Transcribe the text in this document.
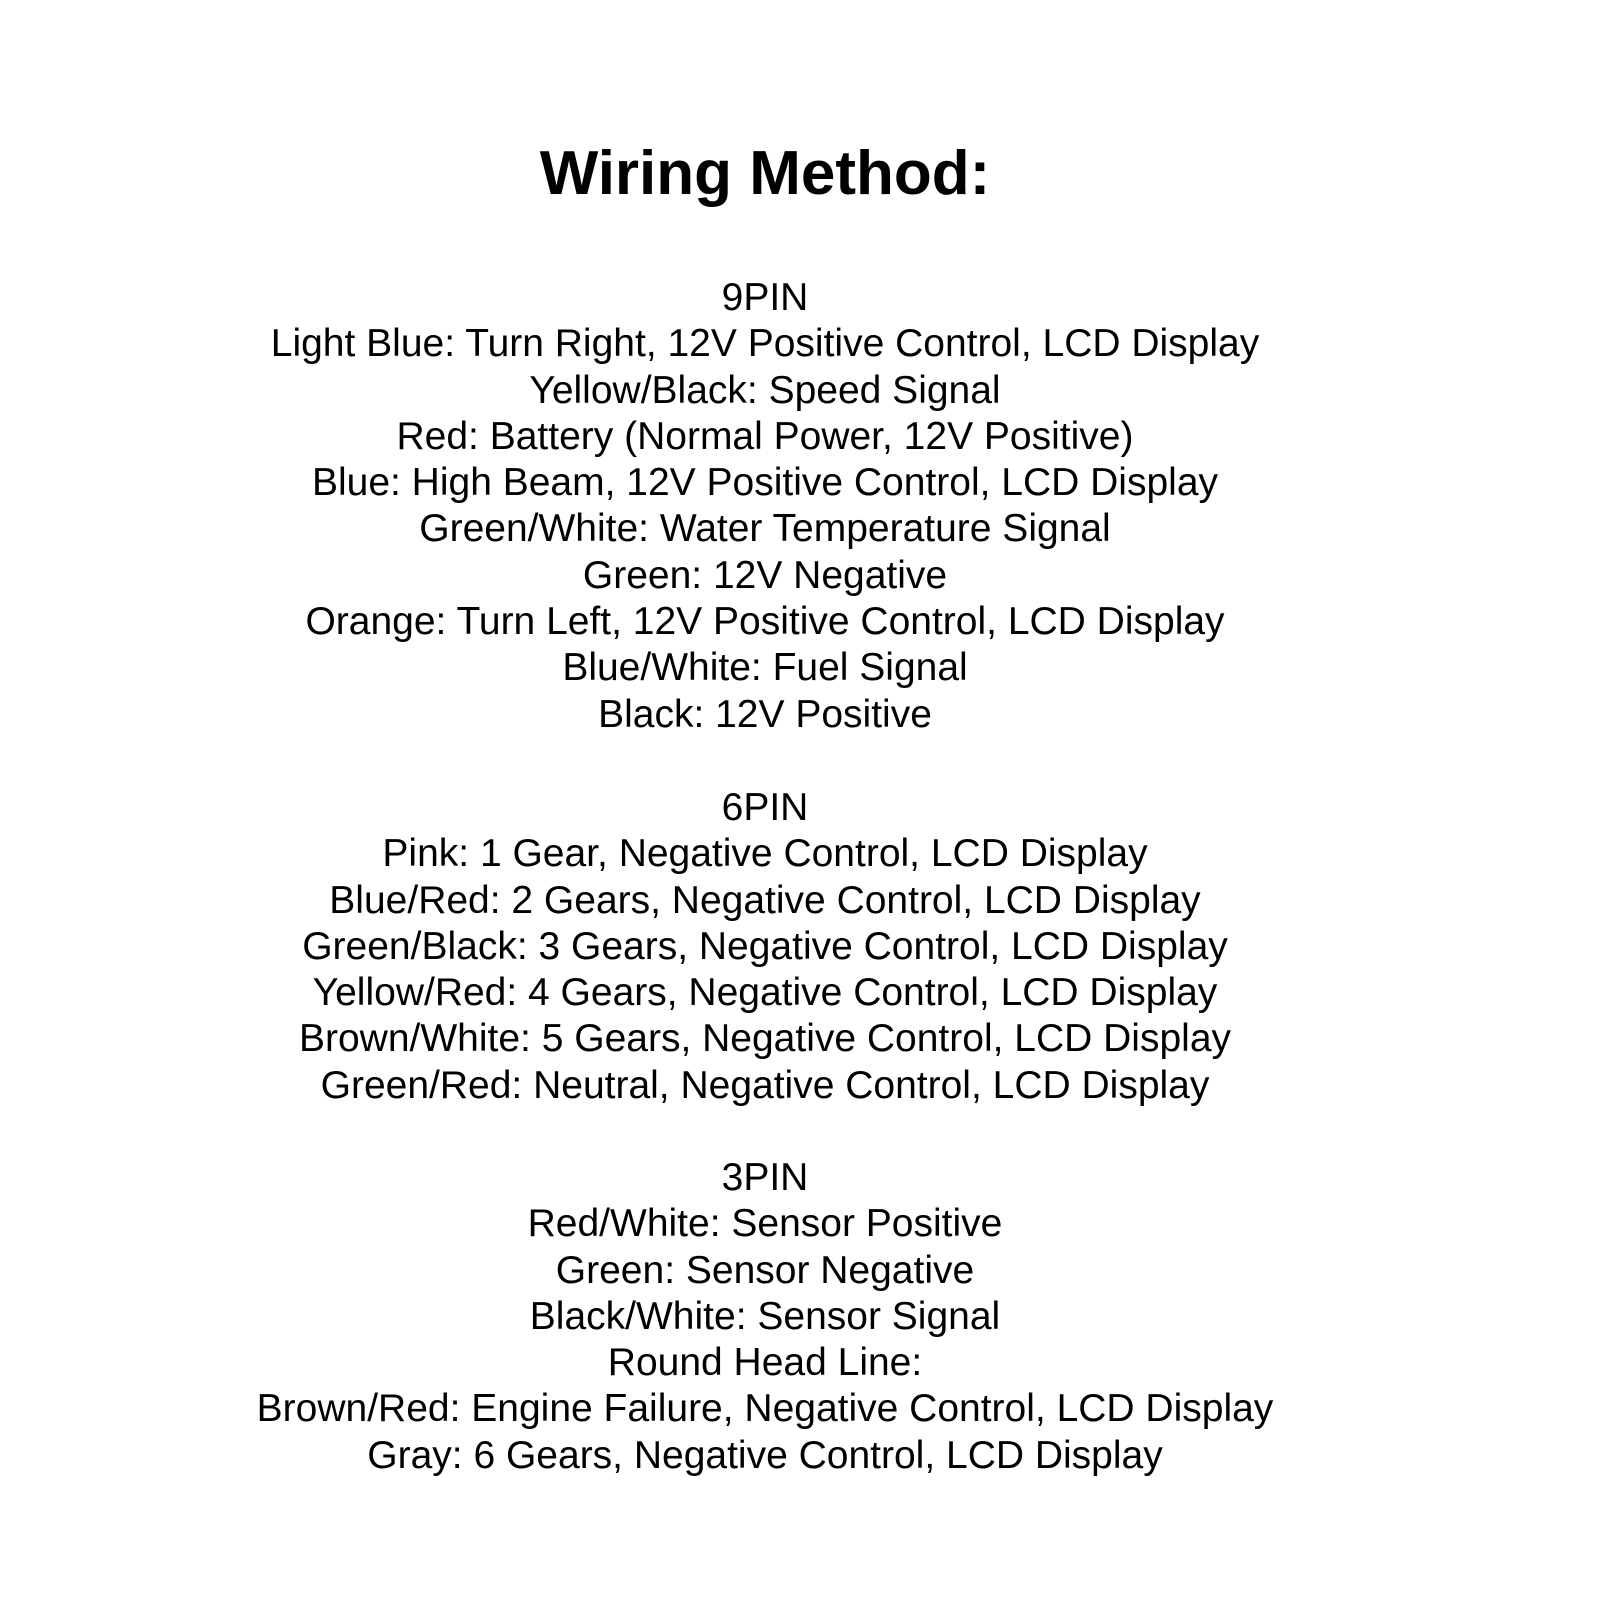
Wiring Method:
9PIN
Light Blue: Turn Right, 12V Positive Control, LCD Display
Yellow/Black: Speed Signal
Red: Battery (Normal Power, 12V Positive)
Blue: High Beam, 12V Positive Control, LCD Display
Green/White: Water Temperature Signal
Green: 12V Negative
Orange: Turn Left, 12V Positive Control, LCD Display
Blue/White: Fuel Signal
Black: 12V Positive
6PIN
Pink: 1 Gear, Negative Control, LCD Display
Blue/Red: 2 Gears, Negative Control, LCD Display
Green/Black: 3 Gears, Negative Control, LCD Display
Yellow/Red: 4 Gears, Negative Control, LCD Display
Brown/White: 5 Gears, Negative Control, LCD Display
Green/Red: Neutral, Negative Control, LCD Display
3PIN
Red/White: Sensor Positive
Green: Sensor Negative
Black/White: Sensor Signal
Round Head Line:
Brown/Red: Engine Failure, Negative Control, LCD Display
Gray: 6 Gears, Negative Control, LCD Display
